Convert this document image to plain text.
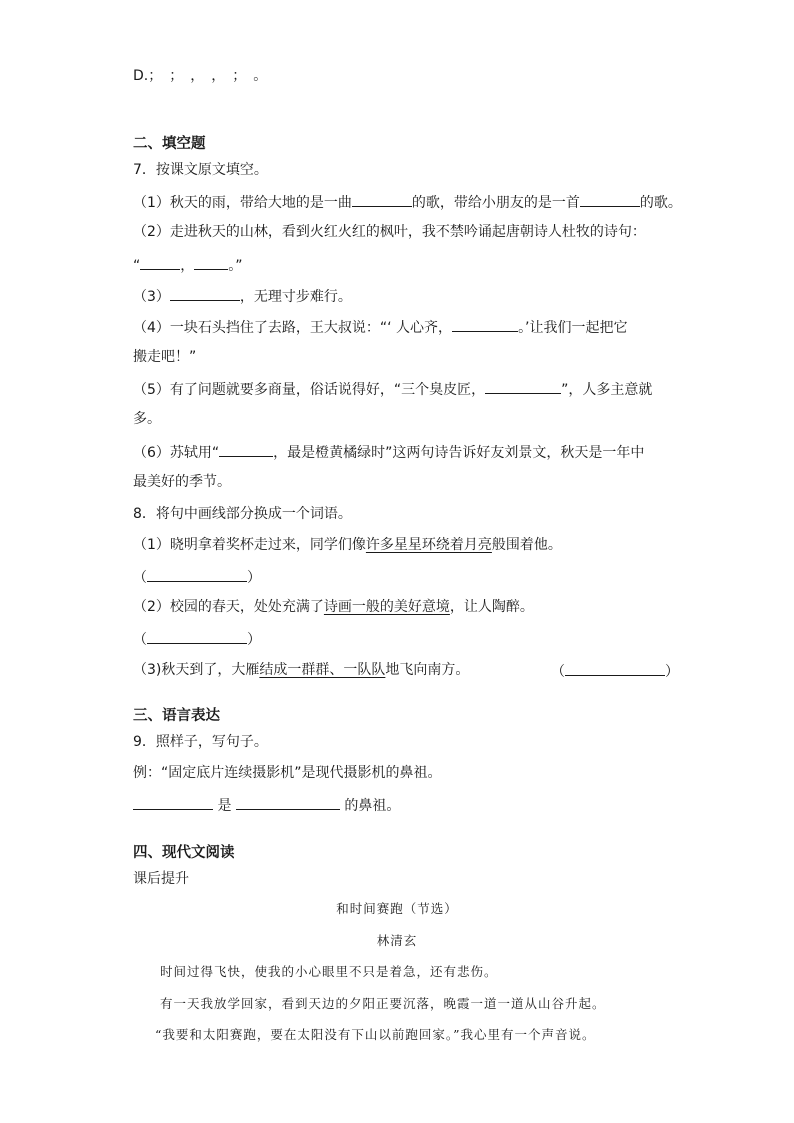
D.；　；　，　，　；　。
二、填空题
7．按课文原文填空。
（1）秋天的雨，带给大地的是一曲	的歌，带给小朋友的是一首	的歌。
（2）走进秋天的山林，看到火红火红的枫叶，我不禁吟诵起唐朝诗人杜牧的诗句：
“	， 。”
（3）	，无理寸步难行。
（4）一块石头挡住了去路，王大叔说：“‘ 人心齐，	。’让我们一起把它
搬走吧！”
（5）有了问题就要多商量，俗话说得好，“三个臭皮匠，	”，人多主意就
多。
（6）苏轼用“	，最是橙黄橘绿时”这两句诗告诉好友刘景文，秋天是一年中
最美好的季节。
8．将句中画线部分换成一个词语。
（1）晓明拿着奖杯走过来，同学们像许多星星环绕着月亮般围着他。
（	）
（2）校园的春天，处处充满了诗画一般的美好意境，让人陶醉。
（	）
（3)秋天到了，大雁结成一群群、一队队地飞向南方。	（	）
三、语言表达
9．照样子，写句子。
例：“固定底片连续摄影机”是现代摄影机的鼻祖。
是	的鼻祖。
四、现代文阅读
课后提升
和时间赛跑（节选）
林清玄
时间过得飞快，使我的小心眼里不只是着急，还有悲伤。
有一天我放学回家，看到天边的夕阳正要沉落，晚霞一道一道从山谷升起。
“我要和太阳赛跑，要在太阳没有下山以前跑回家。”我心里有一个声音说。
